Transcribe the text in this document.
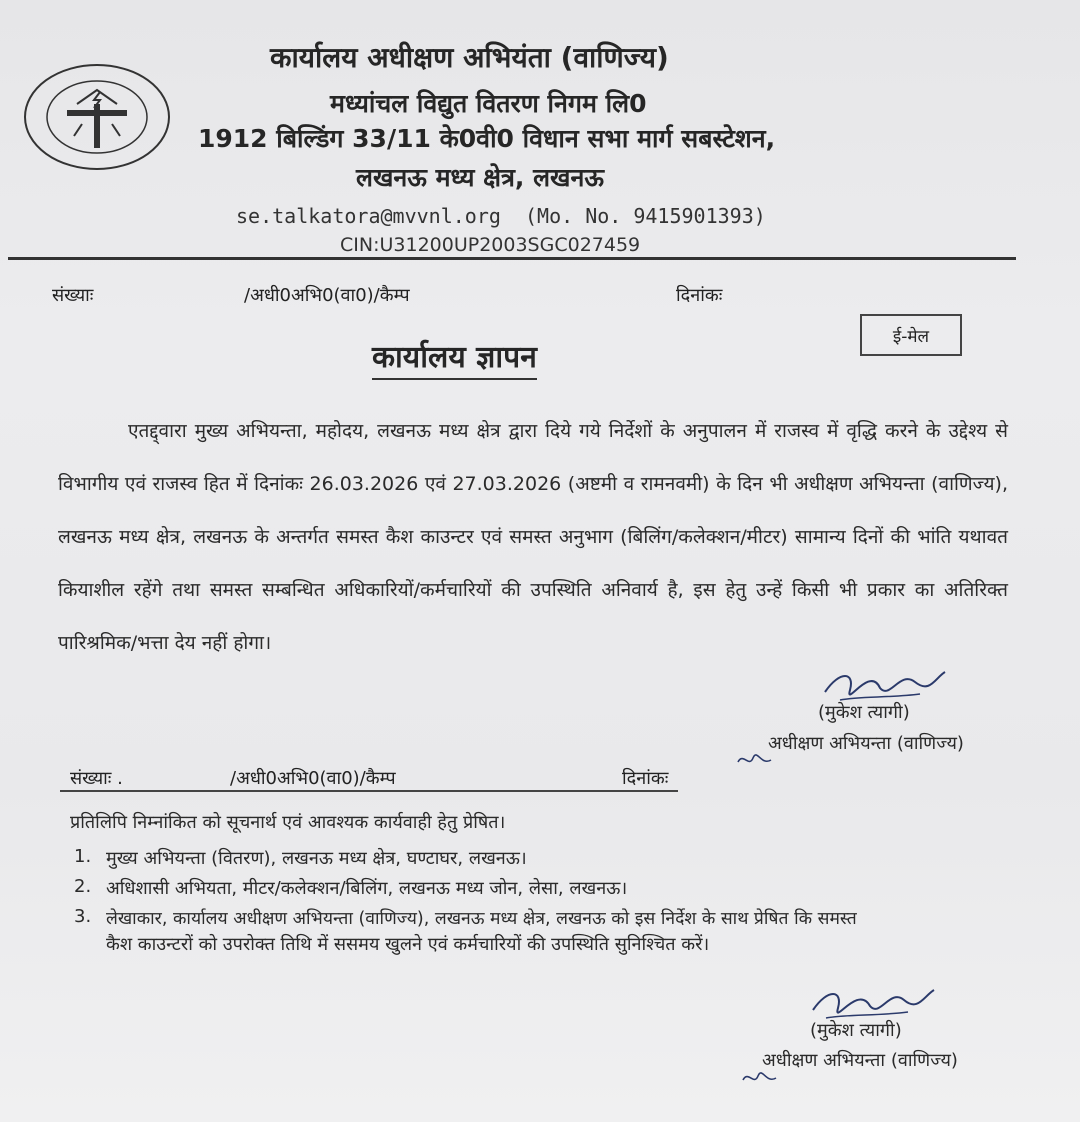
कार्यालय अधीक्षण अभियंता (वाणिज्य)
मध्यांचल विद्युत वितरण निगम लि0
1912 बिल्डिंग 33/11 के0वी0 विधान सभा मार्ग सबस्टेशन,
लखनऊ मध्य क्षेत्र, लखनऊ
se.talkatora@mvvnl.org  (Mo. No. 9415901393)
CIN:U31200UP2003SGC027459
संख्याः	/अधी0अभि0(वा0)/कैम्प	दिनांकः
ई-मेल
कार्यालय ज्ञापन
एतद्द्वारा मुख्य अभियन्ता, महोदय, लखनऊ मध्य क्षेत्र द्वारा दिये गये निर्देशों के अनुपालन में राजस्व में वृद्धि करने के उद्देश्य से विभागीय एवं राजस्व हित में दिनांकः 26.03.2026 एवं 27.03.2026 (अष्टमी व रामनवमी) के दिन भी अधीक्षण अभियन्ता (वाणिज्य), लखनऊ मध्य क्षेत्र, लखनऊ के अन्तर्गत समस्त कैश काउन्टर एवं समस्त अनुभाग (बिलिंग/कलेक्शन/मीटर) सामान्य दिनों की भांति यथावत कियाशील रहेंगे तथा समस्त सम्बन्धित अधिकारियों/कर्मचारियों की उपस्थिति अनिवार्य है, इस हेतु उन्हें किसी भी प्रकार का अतिरिक्त पारिश्रमिक/भत्ता देय नहीं होगा।
(मुकेश त्यागी)
अधीक्षण अभियन्ता (वाणिज्य)
संख्याः .	/अधी0अभि0(वा0)/कैम्प	दिनांकः
प्रतिलिपि निम्नांकित को सूचनार्थ एवं आवश्यक कार्यवाही हेतु प्रेषित।
1. मुख्य अभियन्ता (वितरण), लखनऊ मध्य क्षेत्र, घण्टाघर, लखनऊ।
2. अधिशासी अभियता, मीटर/कलेक्शन/बिलिंग, लखनऊ मध्य जोन, लेसा, लखनऊ।
3. लेखाकार, कार्यालय अधीक्षण अभियन्ता (वाणिज्य), लखनऊ मध्य क्षेत्र, लखनऊ को इस निर्देश के साथ प्रेषित कि समस्त
कैश काउन्टरों को उपरोक्त तिथि में ससमय खुलने एवं कर्मचारियों की उपस्थिति सुनिश्चित करें।
(मुकेश त्यागी)
अधीक्षण अभियन्ता (वाणिज्य)
